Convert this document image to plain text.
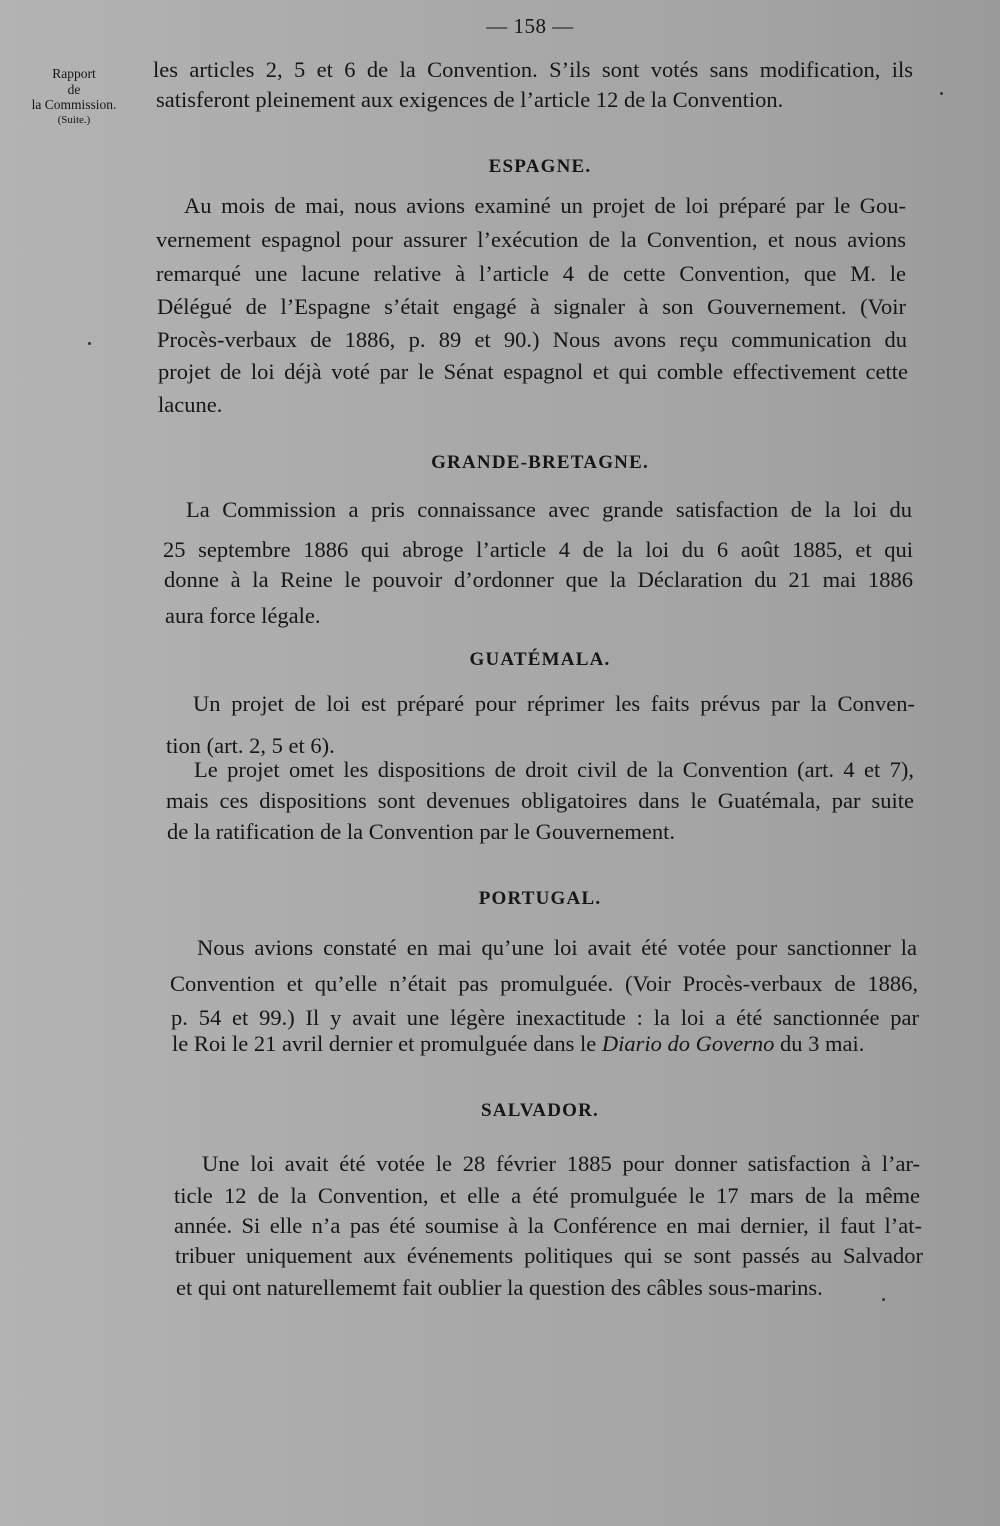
— 158 —
Rapport
de
la Commission.
(Suite.)
les articles 2, 5 et 6 de la Convention. S’ils sont votés sans modification, ils
satisferont pleinement aux exigences de l’article 12 de la Convention.
ESPAGNE.
Au mois de mai, nous avions examiné un projet de loi préparé par le Gou-
vernement espagnol pour assurer l’exécution de la Convention, et nous avions
remarqué une lacune relative à l’article 4 de cette Convention, que M. le
Délégué de l’Espagne s’était engagé à signaler à son Gouvernement. (Voir
Procès-verbaux de 1886, p. 89 et 90.) Nous avons reçu communication du
projet de loi déjà voté par le Sénat espagnol et qui comble effectivement cette
lacune.
GRANDE-BRETAGNE.
La Commission a pris connaissance avec grande satisfaction de la loi du
25 septembre 1886 qui abroge l’article 4 de la loi du 6 août 1885, et qui
donne à la Reine le pouvoir d’ordonner que la Déclaration du 21 mai 1886
aura force légale.
GUATÉMALA.
Un projet de loi est préparé pour réprimer les faits prévus par la Conven-
tion (art. 2, 5 et 6).
Le projet omet les dispositions de droit civil de la Convention (art. 4 et 7),
mais ces dispositions sont devenues obligatoires dans le Guatémala, par suite
de la ratification de la Convention par le Gouvernement.
PORTUGAL.
Nous avions constaté en mai qu’une loi avait été votée pour sanctionner la
Convention et qu’elle n’était pas promulguée. (Voir Procès-verbaux de 1886,
p. 54 et 99.) Il y avait une légère inexactitude : la loi a été sanctionnée par
le Roi le 21 avril dernier et promulguée dans le Diario do Governo du 3 mai.
SALVADOR.
Une loi avait été votée le 28 février 1885 pour donner satisfaction à l’ar-
ticle 12 de la Convention, et elle a été promulguée le 17 mars de la même
année. Si elle n’a pas été soumise à la Conférence en mai dernier, il faut l’at-
tribuer uniquement aux événements politiques qui se sont passés au Salvador
et qui ont naturellememt fait oublier la question des câbles sous-marins.
